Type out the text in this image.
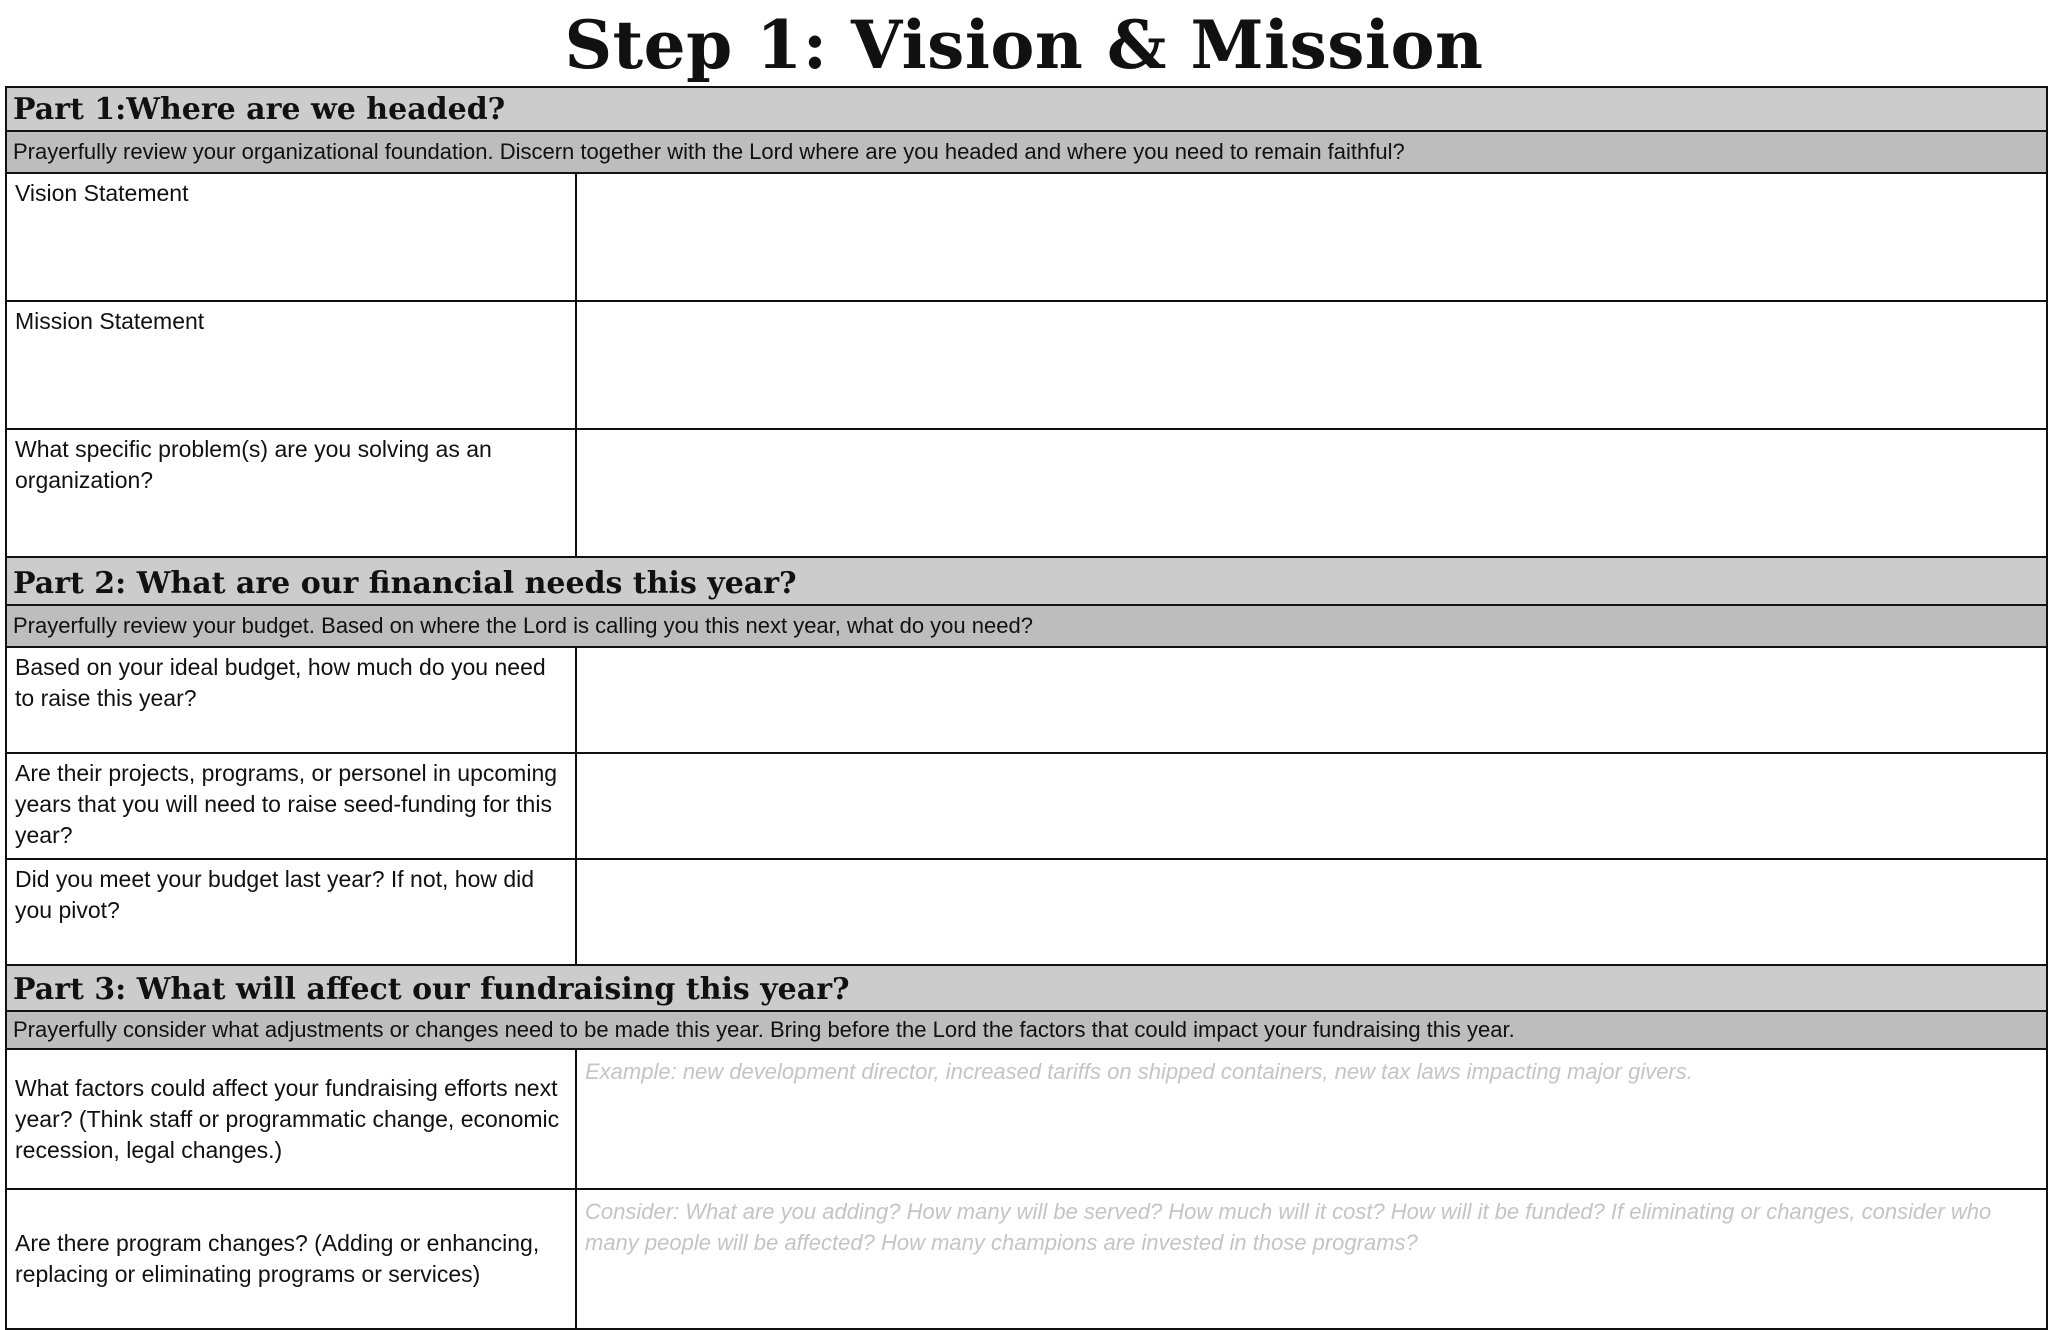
Step 1: Vision & Mission
Part 1:Where are we headed?	
Prayerfully review your organizational foundation. Discern together with the Lord where are you headed and where you need to remain faithful?	
Vision Statement	
Mission Statement	
What specific problem(s) are you solving as an organization?	
Part 2: What are our financial needs this year?	
Prayerfully review your budget. Based on where the Lord is calling you this next year, what do you need?	
Based on your ideal budget, how much do you need to raise this year?	
Are their projects, programs, or personel in upcoming years that you will need to raise seed-funding for this year?	
Did you meet your budget last year? If not, how did you pivot?	
Part 3: What will affect our fundraising this year?	
Prayerfully consider what adjustments or changes need to be made this year. Bring before the Lord the factors that could impact your fundraising this year.	
What factors could affect your fundraising efforts next year? (Think staff or programmatic change, economic recession, legal changes.)	Example: new development director, increased tariffs on shipped containers, new tax laws impacting major givers.

Are there program changes? (Adding or enhancing, replacing or eliminating programs or services)	Consider: What are you adding? How many will be served? How much will it cost? How will it be funded? If eliminating or changes, consider who many people will be affected? How many champions are invested in those programs?
